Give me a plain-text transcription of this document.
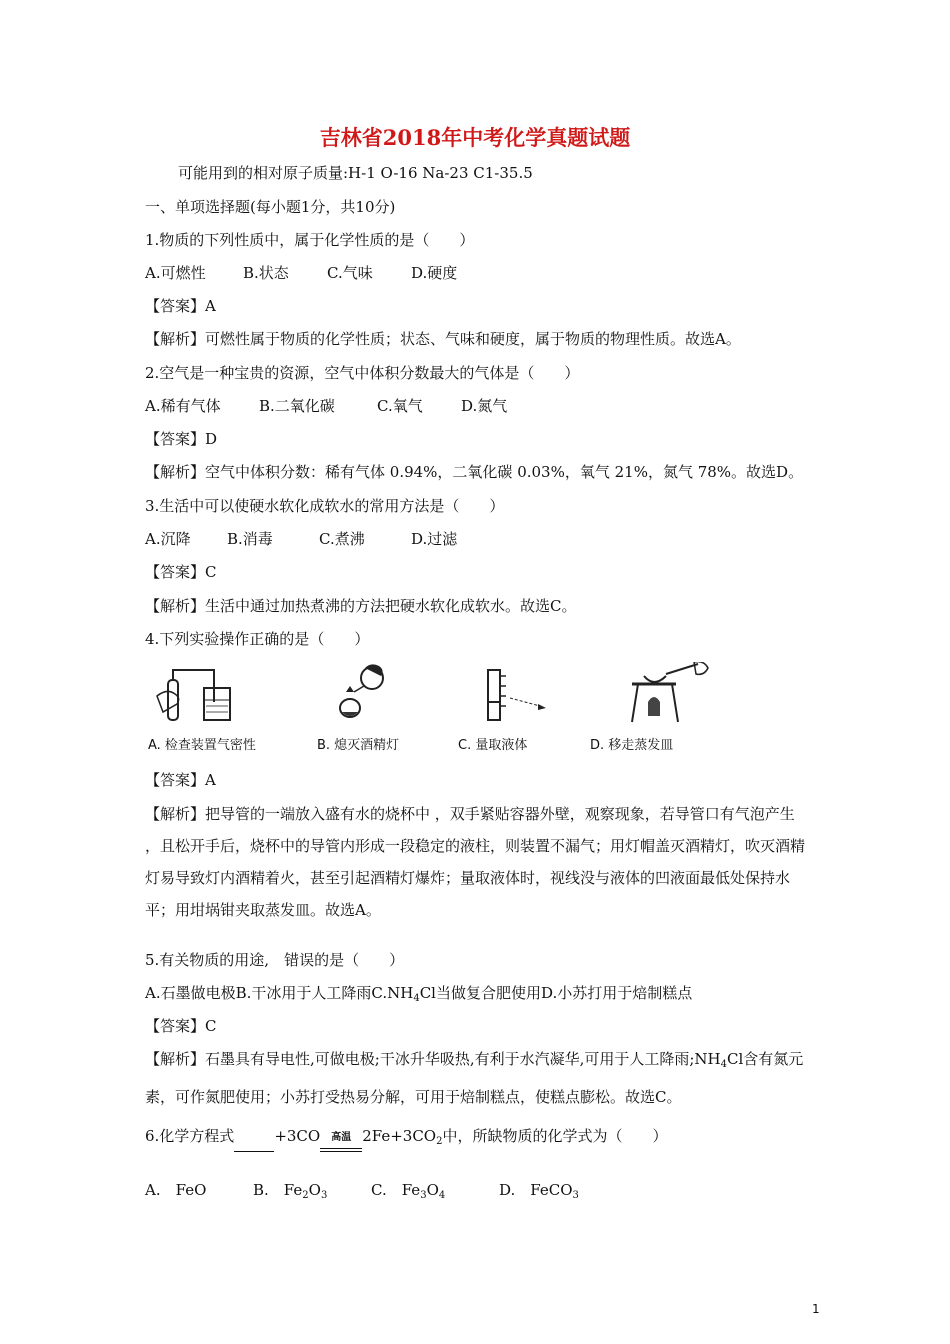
吉林省2018年中考化学真题试题
可能用到的相对原子质量:H-1 O-16 Na-23 C1-35.5
一、单项选择题(每小题1分，共10分)
1.物质的下列性质中，属于化学性质的是（　　）
A.可燃性 B.状态	C.气味	D.硬度
【答案】A
【解析】可燃性属于物质的化学性质；状态、气味和硬度，属于物质的物理性质。故选A。
2.空气是一种宝贵的资源，空气中体积分数最大的气体是（　　）
A.稀有气体	B.二氧化碳	C.氧气	D.氮气
【答案】D
【解析】空气中体积分数：稀有气体 0.94%，二氧化碳 0.03%，氧气 21%，氮气 78%。故选D。
3.生活中可以使硬水软化成软水的常用方法是（　　）
A.沉降 B.消毒	C.煮沸	D.过滤
【答案】C
【解析】生活中通过加热煮沸的方法把硬水软化成软水。故选C。
4.下列实验操作正确的是（　　）
A. 检查装置气密性	B. 熄灭酒精灯	C. 量取液体	D. 移走蒸发皿
【答案】A
【解析】把导管的一端放入盛有水的烧杯中 ，双手紧贴容器外壁，观察现象，若导管口有气泡产生 ，且松开手后，烧杯中的导管内形成一段稳定的液柱，则装置不漏气；用灯帽盖灭酒精灯，吹灭酒精灯易导致灯内酒精着火，甚至引起酒精灯爆炸；量取液体时，视线没与液体的凹液面最低处保持水平；用坩埚钳夹取蒸发皿。故选A。
5.有关物质的用途,　错误的是（　　）
A.石墨做电极B.干冰用于人工降雨$C.NH_4Cl$当做复合肥使用D.小苏打用于焙制糕点
【答案】C
【解析】石墨具有导电性,可做电极;干冰升华吸热,有利于水汽凝华,可用于人工降雨$;NH_4Cl$含有氮元素，可作氮肥使用；小苏打受热易分解，可用于焙制糕点，使糕点膨松。故选C。
6.化学方程式	+3CO	高温 $2Fe+3CO_2$中，所缺物质的化学式为（　　）
A.　FeO	B.　$Fe_2O_3$	C.　$Fe_3O_4$	D.　FeCO$_3$
1
